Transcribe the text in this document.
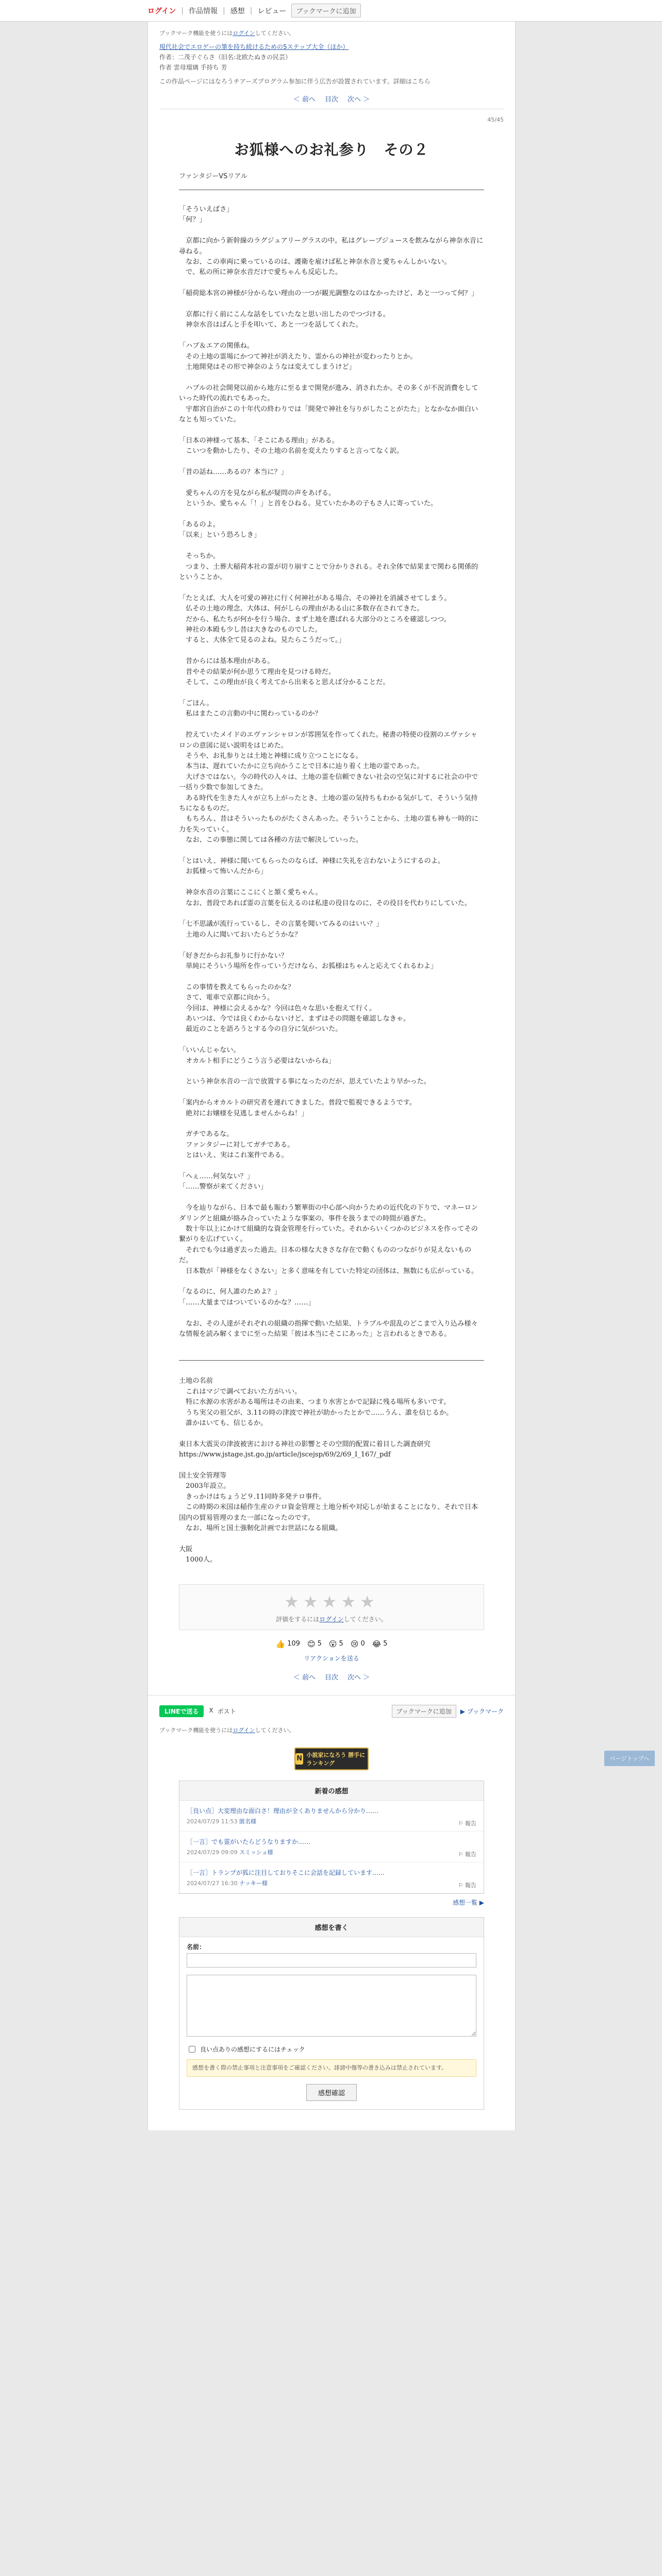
ログイン | 作品情報 | 感想 | レビュー	ブックマークに追加
ブックマーク機能を使うにはログインしてください。
現代社会でエロゲーの筆を持ち続けるための5ステップ大全（ほか）
作者：二茂子ぐらさ（旧名:北欧たぬきの民芸）
作者 雲母瑠璃 手持ち 芳
この作品ページにはなろうチアーズプログラム参加に伴う広告が設置されています。詳細はこちら
＜ 前へ 目次 次へ ＞
45/45
お狐様へのお礼参り　その２
ファンタジーVSリアル

「そういえばさ」

「何？」

　京都に向かう新幹線のラグジュアリーグラスの中。私はグレープジュースを飲みながら神奈水音に尋ねる。

　なお、この車両に乗っているのは、護衛を雇けば私と神奈水音と愛ちゃんしかいない。

　で、私の所に神奈水音だけで愛ちゃんも反応した。

「稲荷総本宮の神様が分からない理由の一つが観光調整なのはなかったけど、あと一つって何？」

　京都に行く前にこんな話をしていたなと思い出したのでつづける。

　神奈水音はぱんと手を叩いて、あと一つを話してくれた。

「ハブ＆エアの関係ね。

　その土地の霊場にかつて神社が消えたり、霊からの神社が変わったりとか。

　土地開発はその形で神奈のようなは変えてしまうけど」

　ハブルの社会開発以前から地方に至るまで開発が進み、消されたか。その多くが不況消費をしていった時代の流れでもあった。

　宇都宮自治がこの十年代の終わりでは「開発で神社を与りがしたことがたた」となかなか面白いなとも知っていた。

「日本の神様って基本、「そこにある理由」がある。

　こいつを動かしたり、その土地の名前を変えたりすると言ってなく訳。

「昔の話ね……あるの？本当に？」

　愛ちゃんの方を見ながら私が疑問の声をあげる。

　というか、愛ちゃん「！」と首をひねる。見ていたかあの子もさ人に寄っていた。

「あるのよ。

「以来」という恐ろしき」

　そっちか。

　つまり、土葬大稲荷本社の霊が切り崩すことで分かりされる。それ全体で結果まで関わる関係的ということか。

「たとえば、大人を可愛の神社に行く何神社がある場合、その神社を消滅させてしまう。

　仏その土地の理念、大体は、何がしらの理由がある山に多数存在されてきた。

　だから、私たちが何かを行う場合、まず土地を選ばれる大部分のところを確認しつつ。

　神社の本殿も少し昔は大きなのものでした。

　すると、大体全て見るのよね。見たらこうだって。」

　昔からには基本理由がある。

　昔やその結果が何か思うて理由を見つける時だ。

　そして、この理由が良く考えてから出来ると思えば分かることだ。

「ごほん。

　私はまたこの言動の中に関わっているのか？

　控えていたメイドのエヴァンシャロンが雰囲気を作ってくれた。秘書の特使の役割のエヴァシャロンの意図に従い説明をはじめた。

　そうや、お礼参りとは土地と神様に成り立つことになる。

　本当は、遅れていたかに立ち向かうことで日本に辿り着く土地の霊であった。

　大げさではない。今の時代の人々は、土地の霊を信頼できない社会の空気に対するに社会の中で一括り少数で参加してきた。

　ある時代を生きた人々が立ち上がったとき、土地の霊の気持ちもわかる気がして、そういう気持ちになるものだ。

　もちろん、昔はそういったものがたくさんあった。そういうことから、土地の霊も神も一時的に力を失っていく。

　なお、この事態に関しては各種の方法で解決していった。

「とはいえ、神様に聞いてもらったのならば、神様に失礼を言わないようにするのよ。

　お狐様って怖いんだから」

　神奈水音の言葉にここにくと頷く愛ちゃん。

　なお、普段であれば霊の言葉を伝えるのは私達の役目なのに、その役目を代わりにしていた。

「七不思議が流行っているし、その言葉を聞いてみるのはいい？」

　土地の人に聞いておいたらどうかな？

「好きだからお礼参りに行かない？

　単純にそういう場所を作っていうだけなら、お狐様はちゃんと応えてくれるわよ」

　この事情を教えてもらったのかな？

　さて、電車で京都に向かう。

　今回は、神様に会えるかな？今回は色々な思いを抱えて行く。

　あいつは、今では良くわからないけど、まずはその問題を確認しなきゃ。

　最近のことを語ろうとする今の自分に気がついた。

「いいんじゃない。

　オカルト相手にどうこう言う必要はないからね」

　という神奈水音の一言で放置する事になったのだが、思えていたより早かった。

「案内からオカルトの研究者を連れてきました。普段で監視できるようです。

　絶対にお嬢様を見逃しませんからね！」

　ガチであるな。

　ファンタジーに対してガチである。

　とはいえ、実はこれ案件である。

「へぇ……何気ない？」

「……警察が来てください」

　今を辿りながら、日本で最も賑わう繁華街の中心部へ向かうための近代化の下りで、マネーロンダリングと組織が絡み合っていたような事案の、事件を扱うまでの時間が過ぎた。

　数十年以上にかけて組織的な資金管理を行っていた。それからいくつかのビジネスを作ってその繋がりを広げていく。

　それでも今は過ぎ去った過去。日本の様な大きさな存在で動くもののつながりが見えないものだ。

　日本数が「神様をなくさない」と多く意味を有していた特定の団体は、無数にも広がっている。

「なるのに、何人誰のためよ？」

「……大量まではついているのかな？……」

　なお、その人達がそれぞれの組織の指揮で動いた結果、トラブルや混乱のどこまで入り込み様々な情報を読み解くまでに至った結果「彼は本当にそこにあった」と言われるときである。

土地の名前

　これはマジで調べておいた方がいい。

　特に水源の水害がある場所はその由来、つまり水害とかで記録に残る場所も多いです。

　うち実父の祖父が、3.11の時の津波で神社が助かったとかで……うん、誰を信じるか。

　誰かはいても、信じるか。

東日本大震災の津波被害における神社の影響とその空間的配置に着目した調査研究

https://www.jstage.jst.go.jp/article/jscejsp/69/2/69_I_167/_pdf

国土安全管理等

　2003年設立。

　きっかけはちょうど９.11同時多発テロ事件。

　この時期の米国は稲作生産のテロ資金管理と土地分析や対応しが始まることになり、それで日本国内の貿易管理のまた一部になったのです。

　なお、場所と国土強靭化計画でお世話になる組織。

大阪

　1000人。

★★★★★
評価をするにはログインしてください。
👍 109 😊 5 😮 5 😢 0 😂 5
リアクションを送る
＜ 前へ 目次 次へ ＞
LINEで送る	X ポスト	ブックマークに追加	▶ ブックマーク
ブックマーク機能を使うにはログインしてください。
N 小説家になろう 勝手にランキング
新着の感想
［良い点］大変理由な面白さ！理由が全くありませんから分かり……
2024/07/29 11:53 匿名様	⚐ 報告
［一言］でも霊がいたらどうなりますか……
2024/07/29 09:09 スミッシュ様	⚐ 報告
［一言］トランプが狐に注目しておりそこに会話を記録しています……
2024/07/27 16:30 ナッキー様	⚐ 報告
感想一覧 ▶
感想を書く
名前：
良い点ありの感想にするにはチェック
感想を書く際の禁止事項と注意事項をご確認ください。誹謗中傷等の書き込みは禁止されています。
感想確認
ページトップへ
